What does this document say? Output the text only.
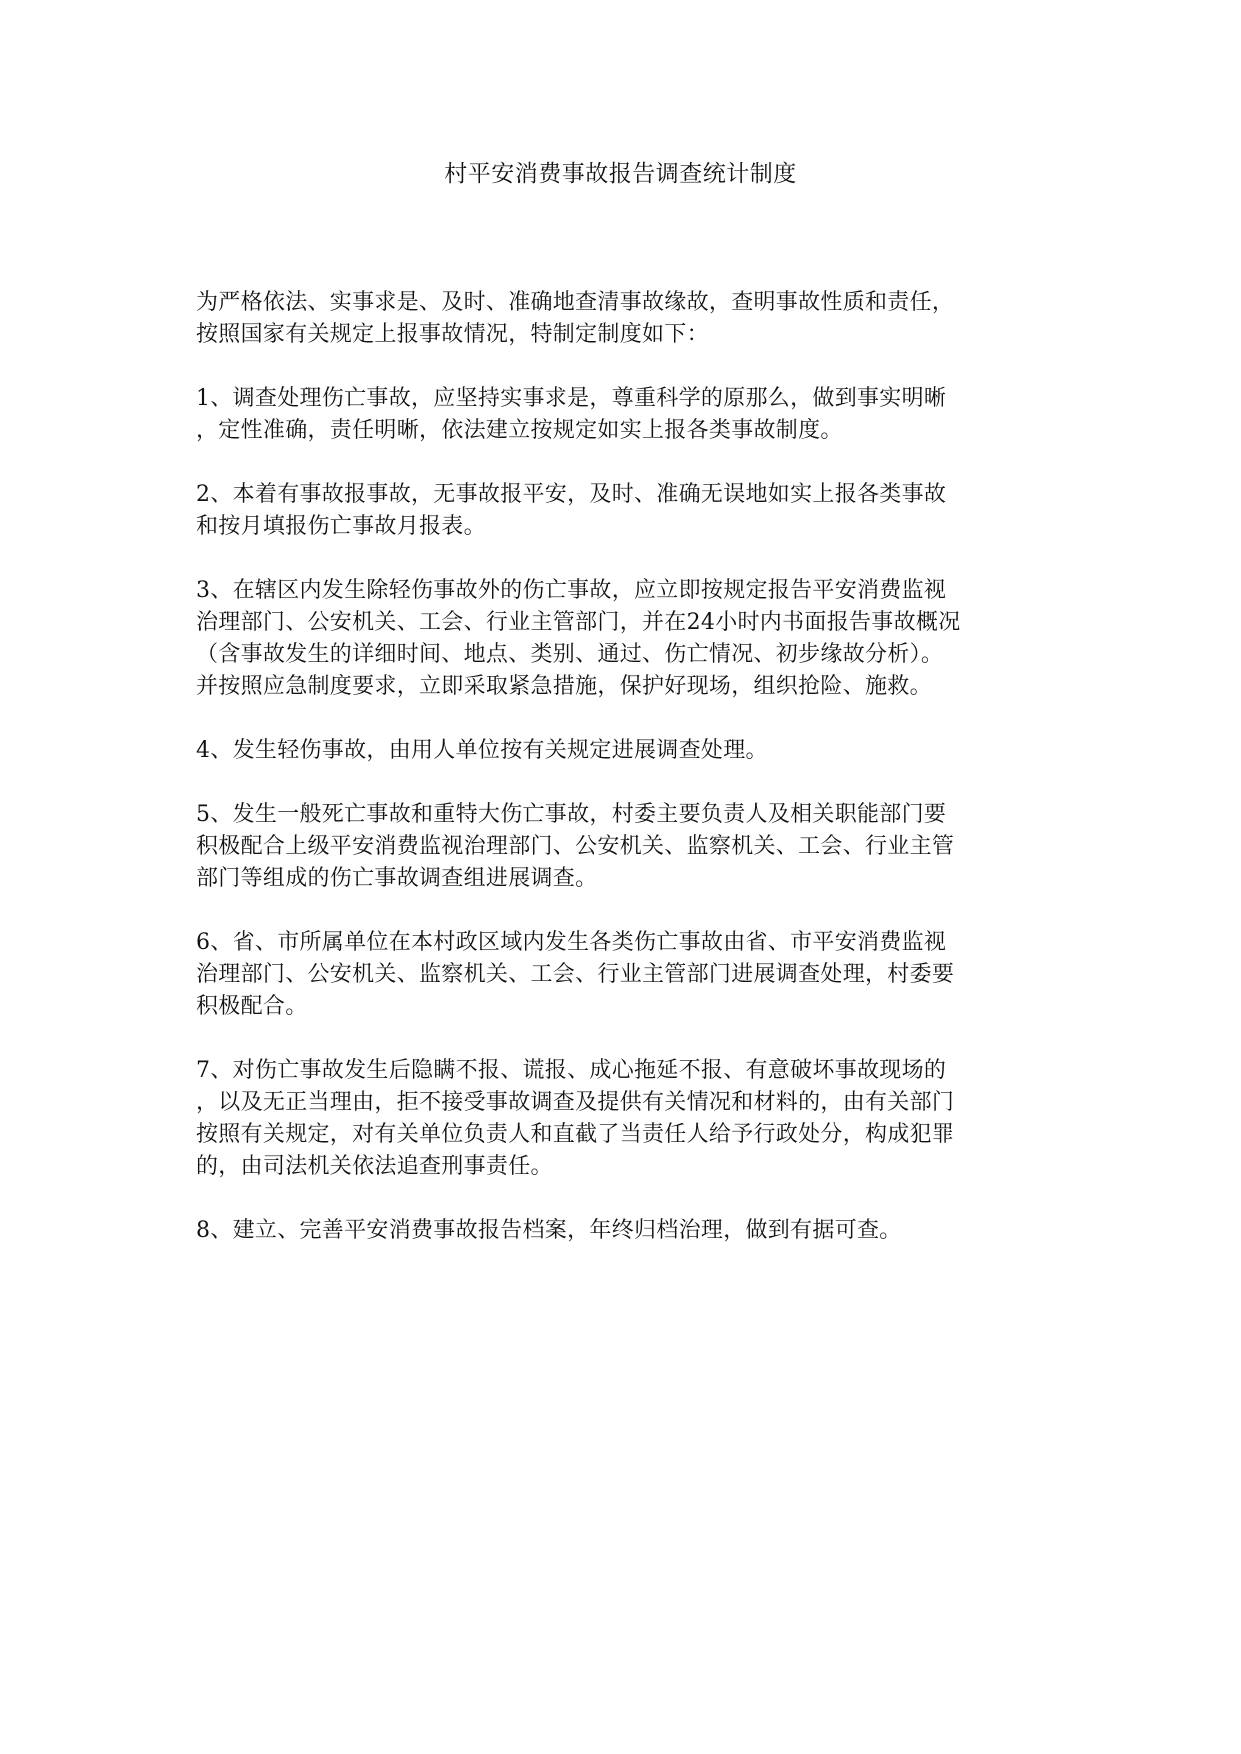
村平安消费事故报告调查统计制度

为严格依法、实事求是、及时、准确地查清事故缘故，查明事故性质和责任，
按照国家有关规定上报事故情况，特制定制度如下：

1、调查处理伤亡事故，应坚持实事求是，尊重科学的原那么，做到事实明晰
，定性准确，责任明晰，依法建立按规定如实上报各类事故制度。

2、本着有事故报事故，无事故报平安，及时、准确无误地如实上报各类事故
和按月填报伤亡事故月报表。

3、在辖区内发生除轻伤事故外的伤亡事故，应立即按规定报告平安消费监视
治理部门、公安机关、工会、行业主管部门，并在24小时内书面报告事故概况
（含事故发生的详细时间、地点、类别、通过、伤亡情况、初步缘故分析）。
并按照应急制度要求，立即采取紧急措施，保护好现场，组织抢险、施救。

4、发生轻伤事故，由用人单位按有关规定进展调查处理。

5、发生一般死亡事故和重特大伤亡事故，村委主要负责人及相关职能部门要
积极配合上级平安消费监视治理部门、公安机关、监察机关、工会、行业主管
部门等组成的伤亡事故调查组进展调查。

6、省、市所属单位在本村政区域内发生各类伤亡事故由省、市平安消费监视
治理部门、公安机关、监察机关、工会、行业主管部门进展调查处理，村委要
积极配合。

7、对伤亡事故发生后隐瞒不报、谎报、成心拖延不报、有意破坏事故现场的
，以及无正当理由，拒不接受事故调查及提供有关情况和材料的，由有关部门
按照有关规定，对有关单位负责人和直截了当责任人给予行政处分，构成犯罪
的，由司法机关依法追查刑事责任。

8、建立、完善平安消费事故报告档案，年终归档治理，做到有据可查。
